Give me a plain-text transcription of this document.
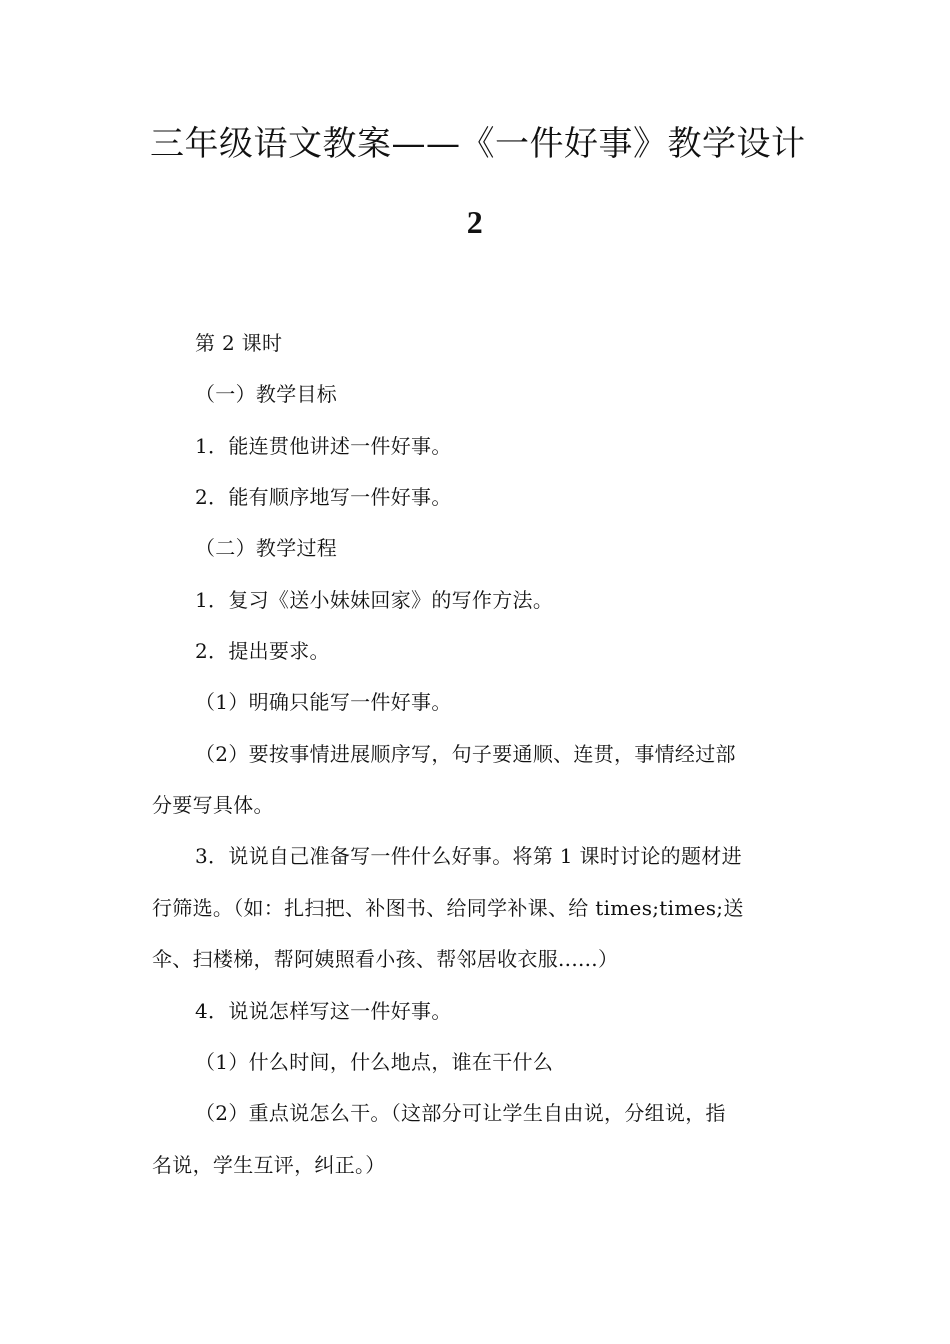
三年级语文教案——《一件好事》教学设计
2
第 2 课时
（一）教学目标
1．能连贯他讲述一件好事。
2．能有顺序地写一件好事。
（二）教学过程
1．复习《送小妹妹回家》的写作方法。
2．提出要求。
（1）明确只能写一件好事。
（2）要按事情进展顺序写，句子要通顺、连贯，事情经过部
分要写具体。
3．说说自己准备写一件什么好事。将第 1 课时讨论的题材进
行筛选。（如：扎扫把、补图书、给同学补课、给 times;times;送
伞、扫楼梯，帮阿姨照看小孩、帮邻居收衣服......）
4．说说怎样写这一件好事。
（1）什么时间，什么地点，谁在干什么
（2）重点说怎么干。（这部分可让学生自由说，分组说，指
名说，学生互评，纠正。）
